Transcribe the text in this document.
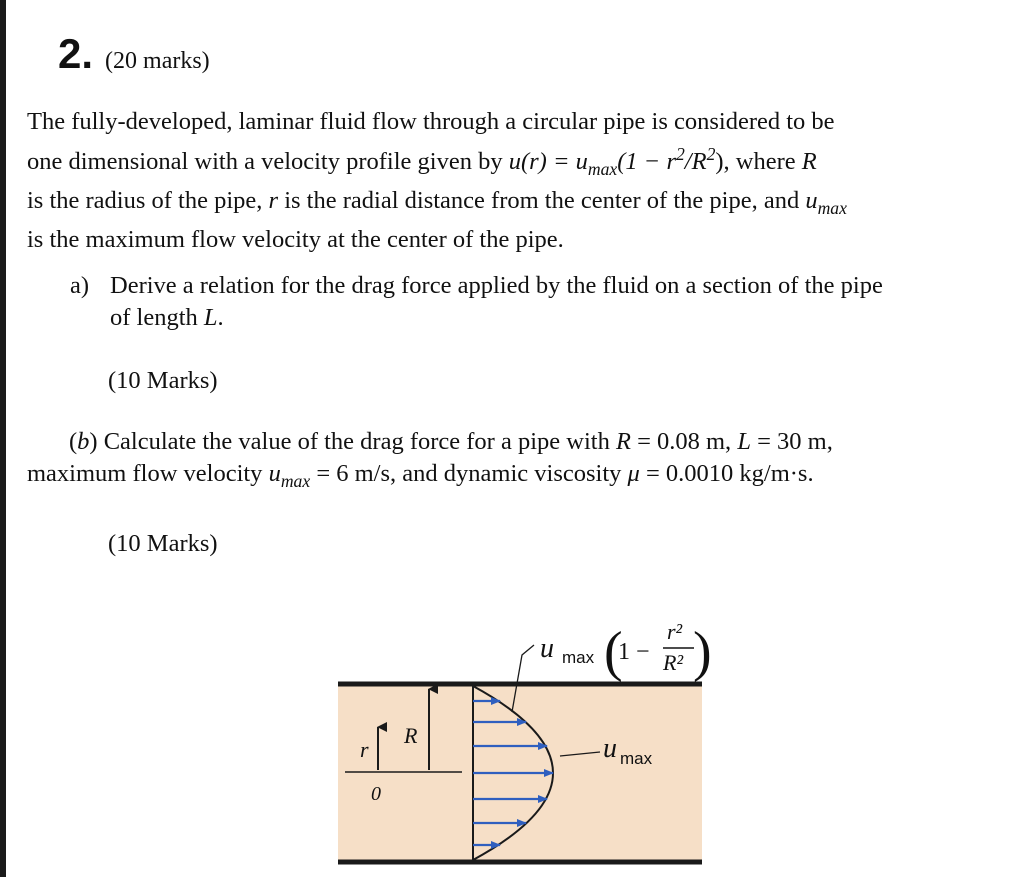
2. (20 marks)
The fully-developed, laminar fluid flow through a circular pipe is considered to be
one dimensional with a velocity profile given by $u(r) = u_{max}(1 - r^2/R^2)$, where R
is the radius of the pipe, r is the radial distance from the center of the pipe, and $u_{max}$
is the maximum flow velocity at the center of the pipe.
a) Derive a relation for the drag force applied by the fluid on a section of the pipe
of length L.
(10 Marks)
(b) Calculate the value of the drag force for a pipe with R = 0.08 m, L = 30 m,
maximum flow velocity $u_{max} = 6$ m/s, and dynamic viscosity μ = 0.0010 kg/m·s.
(10 Marks)
r
R
0
u max (
1 −
r²
R² )
u max
